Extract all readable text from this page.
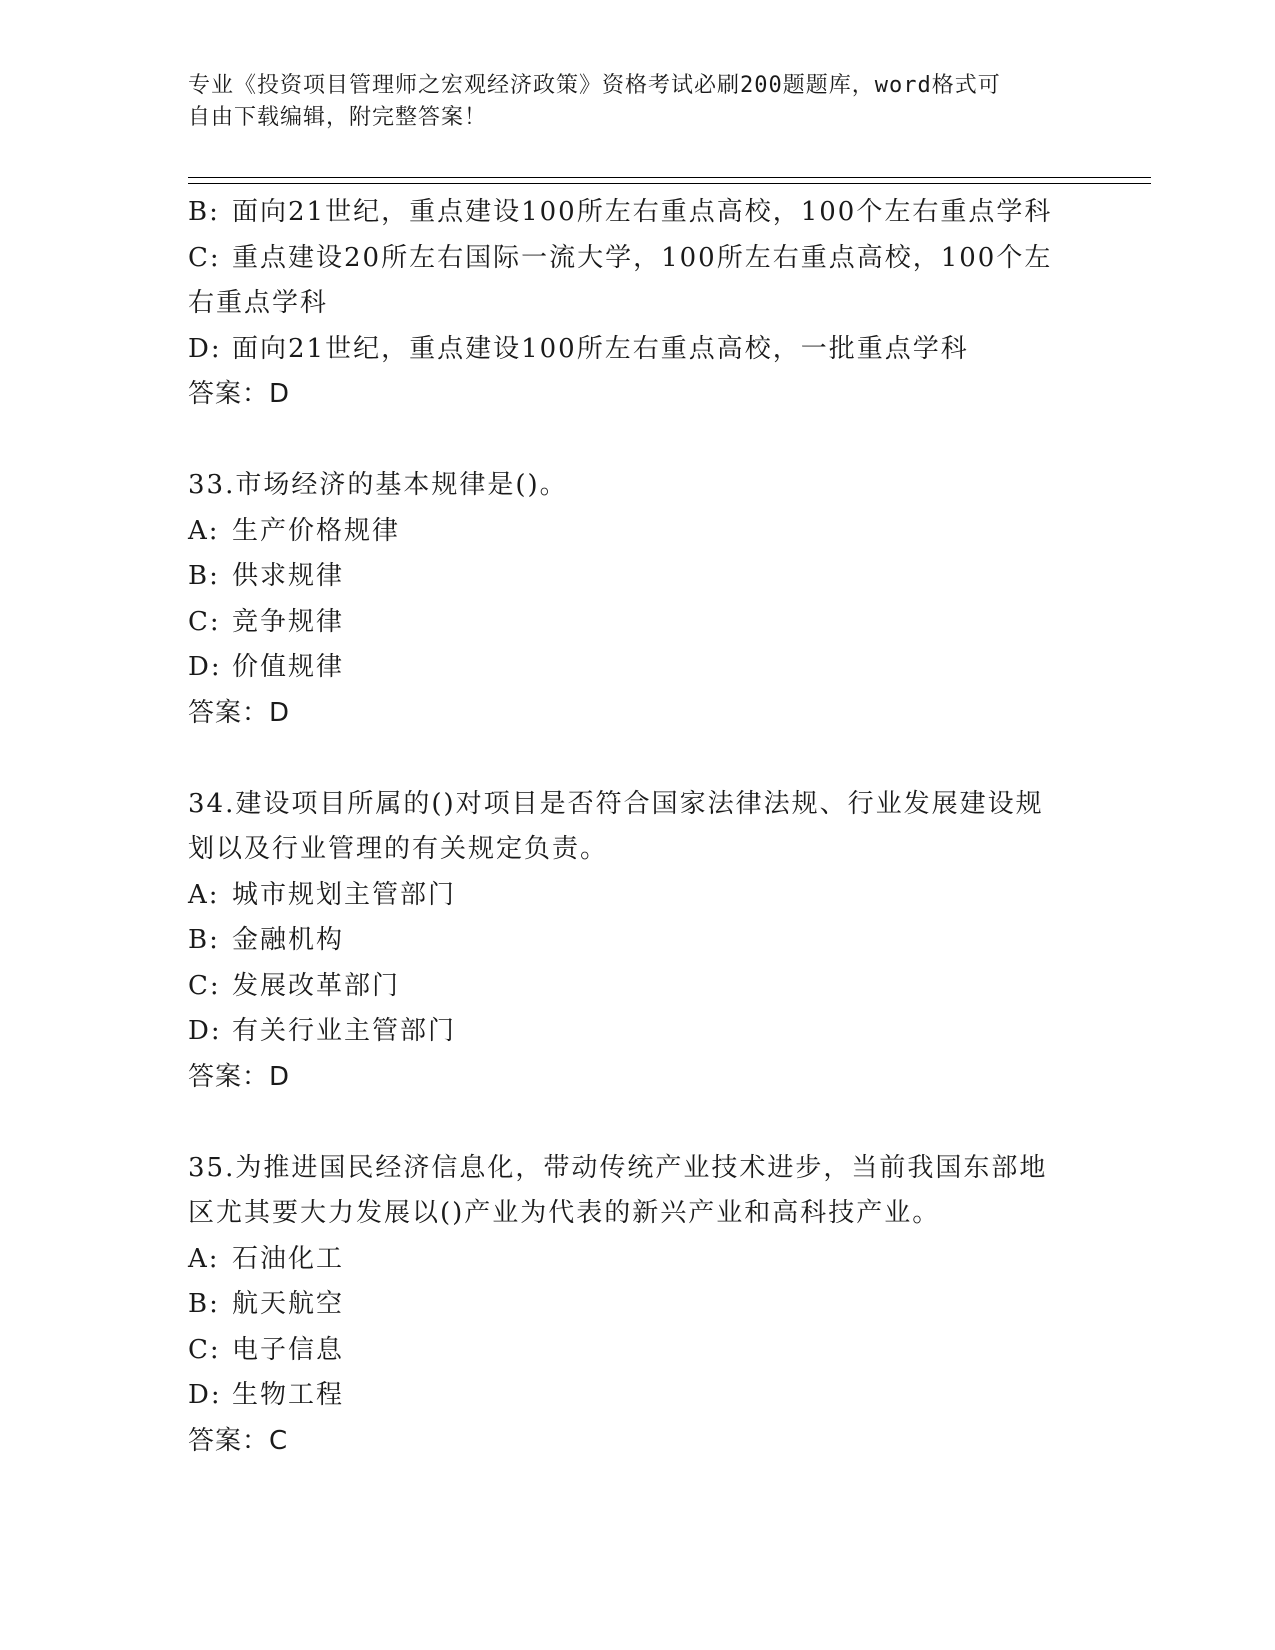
专业《投资项目管理师之宏观经济政策》资格考试必刷200题题库，word格式可
自由下载编辑，附完整答案！
B: 面向21世纪，重点建设100所左右重点高校，100个左右重点学科
C: 重点建设20所左右国际一流大学，100所左右重点高校，100个左
右重点学科
D: 面向21世纪，重点建设100所左右重点高校，一批重点学科
答案：D
33.市场经济的基本规律是()。
A: 生产价格规律
B: 供求规律
C: 竞争规律
D: 价值规律
答案：D
34.建设项目所属的()对项目是否符合国家法律法规、行业发展建设规
划以及行业管理的有关规定负责。
A: 城市规划主管部门
B: 金融机构
C: 发展改革部门
D: 有关行业主管部门
答案：D
35.为推进国民经济信息化，带动传统产业技术进步，当前我国东部地
区尤其要大力发展以()产业为代表的新兴产业和高科技产业。
A: 石油化工
B: 航天航空
C: 电子信息
D: 生物工程
答案：C
